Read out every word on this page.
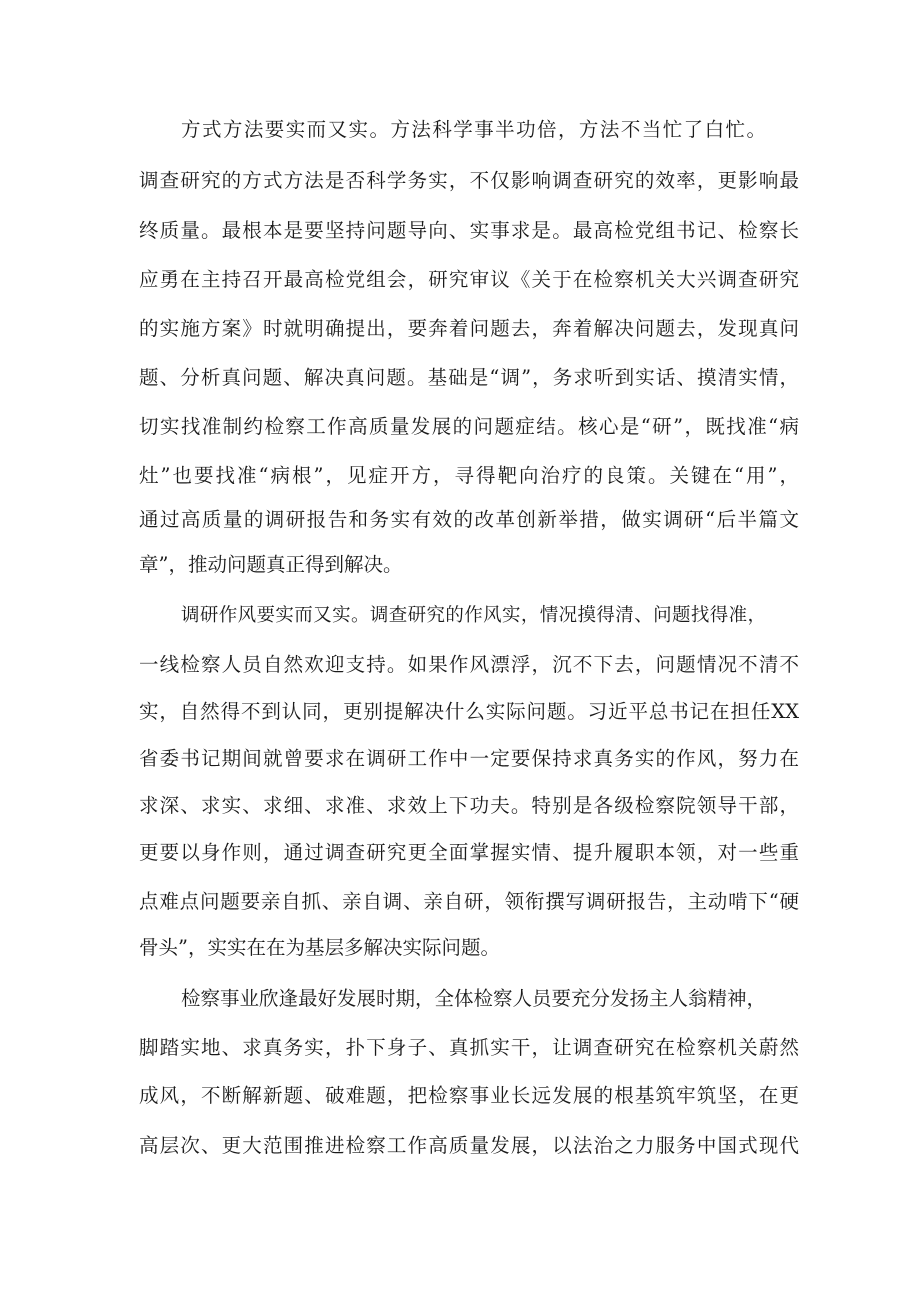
方式方法要实而又实。方法科学事半功倍，方法不当忙了白忙。
调查研究的方式方法是否科学务实，不仅影响调查研究的效率，更影响最
终质量。最根本是要坚持问题导向、实事求是。最高检党组书记、检察长
应勇在主持召开最高检党组会，研究审议《关于在检察机关大兴调查研究
的实施方案》时就明确提出，要奔着问题去，奔着解决问题去，发现真问
题、分析真问题、解决真问题。基础是“调”，务求听到实话、摸清实情，
切实找准制约检察工作高质量发展的问题症结。核心是“研”，既找准“病
灶”也要找准“病根”，见症开方，寻得靶向治疗的良策。关键在“用”，
通过高质量的调研报告和务实有效的改革创新举措，做实调研“后半篇文
章”，推动问题真正得到解决。
调研作风要实而又实。调查研究的作风实，情况摸得清、问题找得准，
一线检察人员自然欢迎支持。如果作风漂浮，沉不下去，问题情况不清不
实，自然得不到认同，更别提解决什么实际问题。习近平总书记在担任XX
省委书记期间就曾要求在调研工作中一定要保持求真务实的作风，努力在
求深、求实、求细、求准、求效上下功夫。特别是各级检察院领导干部，
更要以身作则，通过调查研究更全面掌握实情、提升履职本领，对一些重
点难点问题要亲自抓、亲自调、亲自研，领衔撰写调研报告，主动啃下“硬
骨头”，实实在在为基层多解决实际问题。
检察事业欣逢最好发展时期，全体检察人员要充分发扬主人翁精神，
脚踏实地、求真务实，扑下身子、真抓实干，让调查研究在检察机关蔚然
成风，不断解新题、破难题，把检察事业长远发展的根基筑牢筑坚，在更
高层次、更大范围推进检察工作高质量发展，以法治之力服务中国式现代
